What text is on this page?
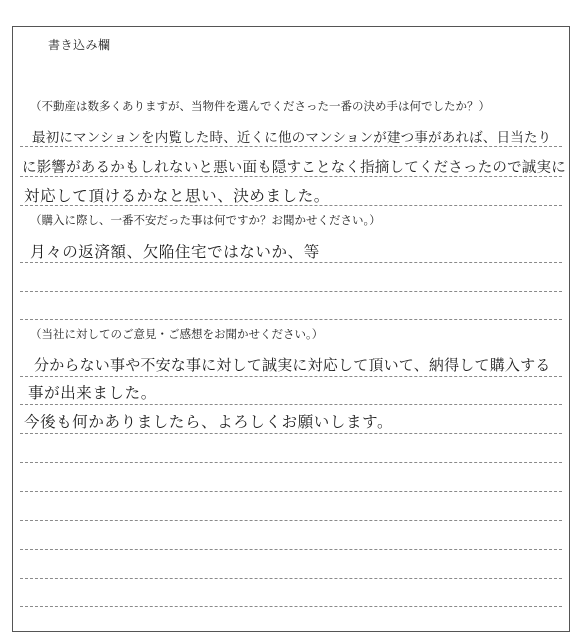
書き込み欄
（不動産は数多くありますが、当物件を選んでくださった一番の決め手は何でしたか？）
最初にマンションを内覧した時、近くに他のマンションが建つ事があれば、日当たり
に影響があるかもしれないと悪い面も隠すことなく指摘してくださったので誠実に
対応して頂けるかなと思い、決めました。
（購入に際し、一番不安だった事は何ですか？お聞かせください。）
月々の返済額、欠陥住宅ではないか、等
（当社に対してのご意見・ご感想をお聞かせください。）
分からない事や不安な事に対して誠実に対応して頂いて、納得して購入する
事が出来ました。
今後も何かありましたら、よろしくお願いします。
